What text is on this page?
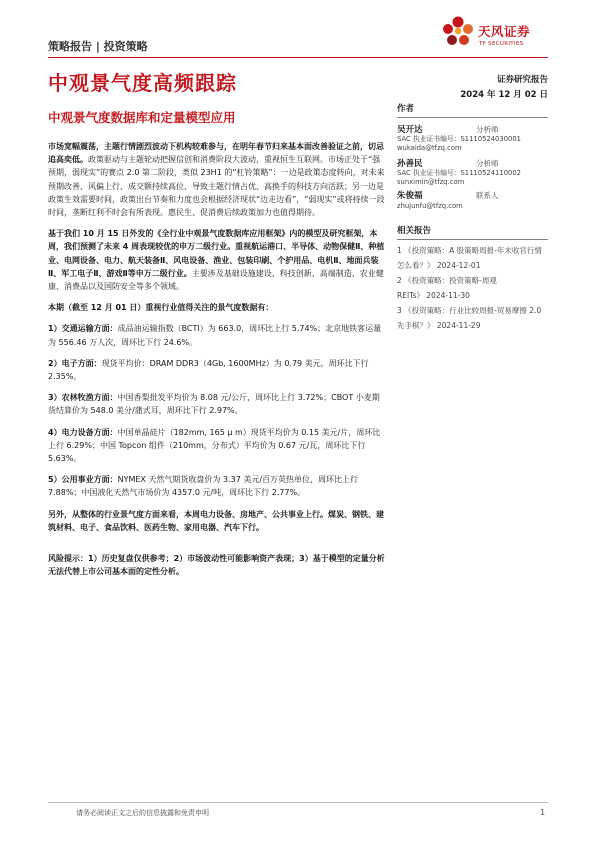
天风证券
TF SECURITIES
策略报告 | 投资策略
中观景气度高频跟踪	证券研究报告
2024 年 12 月 02 日
中观景气度数据库和定量模型应用

市场宽幅震荡，主题行情剧烈波动下机构较难参与，在明年春节归来基本面改善验证之前，切忌追高奕低。政策驱动与主题轮动把握信创和消费阶段大波动，重视恒生互联网。市场正处于“强预期，弱现实”的赛点 2.0 第二阶段，类似 23H1 的“杠铃策略”：一边是政策态度转向，对未来预期改善，风偏上行，成交额持续高位，导致主题行情占优、高换手的科技方向活跃；另一边是政策生效需要时间，政策出台节奏和力度也会根据经济现状“边走边看”，“弱现实”或将持续一段时间，垄断红利不时会有所表现。惠民生、促消费后续政策加力也值得期待。

基于我们 10 月 15 日外发的《全行业中观景气度数据库应用框架》内的模型及研究框架，本周，我们预测了未来 4 周表现较优的申万二级行业。重视航运港口、半导体、动物保健Ⅱ、种植业、电网设备、电力、航天装备Ⅱ、风电设备、渔业、包装印刷、个护用品、电机Ⅱ、地面兵装Ⅱ、军工电子Ⅱ、游戏Ⅱ等申万二级行业。主要涉及基础设施建设、科技创新、高端制造、农业健康、消费品以及国防安全等多个领域。

本期（截至 12 月 01 日）重视行业值得关注的景气度数据有：

1）交通运输方面：成品油运输指数（BCTI）为 663.0，周环比上行 5.74%；北京地铁客运量为 556.46 万人次，周环比下行 24.6%。

2）电子方面：现货平均价：DRAM DDR3（4Gb, 1600MHz）为 0.79 美元，周环比下行 2.35%。

3）农林牧渔方面：中国香梨批发平均价为 8.08 元/公斤，周环比上行 3.72%；CBOT 小麦期货结算价为 548.0 美分/蒲式耳，周环比下行 2.97%。

4）电力设备方面：中国单晶硅片（182mm, 165 μ m）现货平均价为 0.15 美元/片，周环比上行 6.29%；中国 Topcon 组件（210mm，分布式）平均价为 0.67 元/瓦，周环比下行 5.63%。

5）公用事业方面：NYMEX 天然气期货收盘价为 3.37 美元/百万英热单位，周环比上行 7.88%；中国液化天然气市场价为 4357.0 元/吨，周环比下行 2.77%。

另外，从整体的行业景气度方面来看，本周电力设备、房地产、公共事业上行。煤炭、钢铁、建筑材料、电子、食品饮料、医药生物、家用电器、汽车下行。

风险提示：1）历史复盘仅供参考；2）市场波动性可能影响资产表现；3）基于模型的定量分析无法代替上市公司基本面的定性分析。

作者
吴开达	分析师
SAC 执业证书编号：S1110524030001
wukaida@tfzq.com
孙善民	分析师
SAC 执业证书编号：S1110524110002
sunximin@tfzq.com
朱俊福	联系人
zhujunfu@tfzq.com
相关报告
1 《投资策略：A 股策略周报-年末收官行情怎么看？》 2024-12-01
2 《投资策略：投资策略-周观 REITs》 2024-11-30
3 《投资策略：行业比较周报-贸易摩擦 2.0 先手棋？》 2024-11-29
请务必阅读正文之后的信息披露和免责申明	1
